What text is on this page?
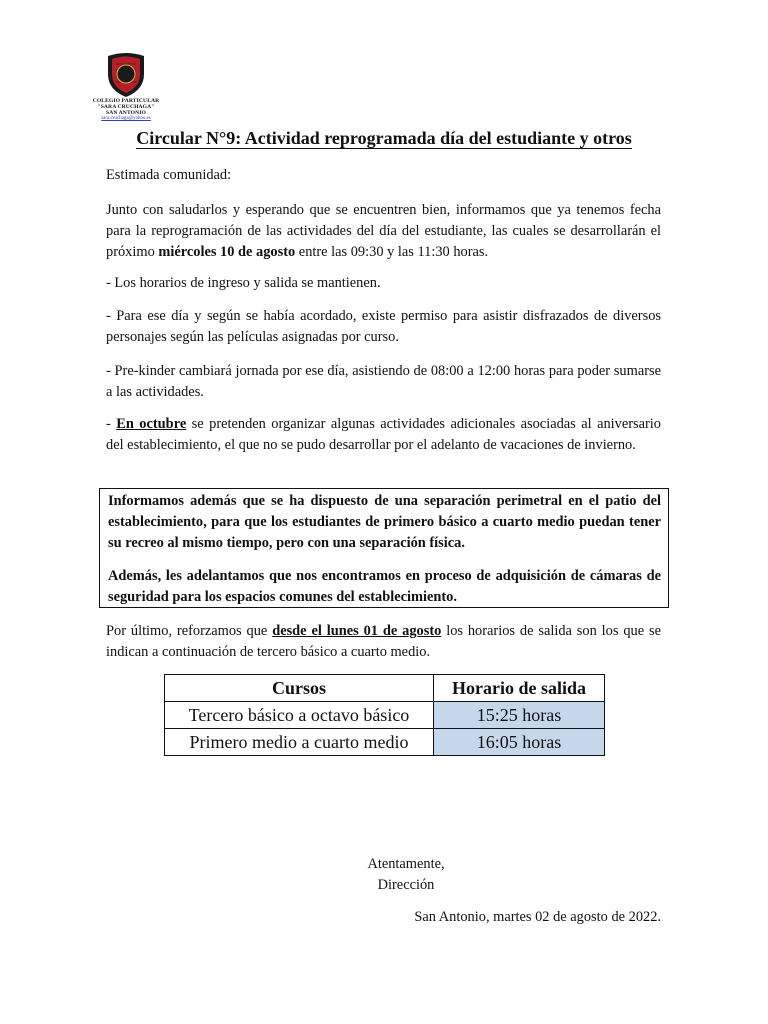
COLEGIO PARTICULAR
"SARA CRUCHAGA"
SAN ANTONIO
sara.cruchaga@yahoo.es
Circular N°9: Actividad reprogramada día del estudiante y otros
Estimada comunidad:
Junto con saludarlos y esperando que se encuentren bien, informamos que ya tenemos fecha para la reprogramación de las actividades del día del estudiante, las cuales se desarrollarán el próximo miércoles 10 de agosto entre las 09:30 y las 11:30 horas.
- Los horarios de ingreso y salida se mantienen.
- Para ese día y según se había acordado, existe permiso para asistir disfrazados de diversos personajes según las películas asignadas por curso.
- Pre-kinder cambiará jornada por ese día, asistiendo de 08:00 a 12:00 horas para poder sumarse a las actividades.
- En octubre se pretenden organizar algunas actividades adicionales asociadas al aniversario del establecimiento, el que no se pudo desarrollar por el adelanto de vacaciones de invierno.
Informamos además que se ha dispuesto de una separación perimetral en el patio del establecimiento, para que los estudiantes de primero básico a cuarto medio puedan tener su recreo al mismo tiempo, pero con una separación física.
Además, les adelantamos que nos encontramos en proceso de adquisición de cámaras de seguridad para los espacios comunes del establecimiento.
Por último, reforzamos que desde el lunes 01 de agosto los horarios de salida son los que se indican a continuación de tercero básico a cuarto medio.
Cursos	Horario de salida
Tercero básico a octavo básico	15:25 horas
Primero medio a cuarto medio	16:05 horas
Atentamente,
Dirección
San Antonio, martes 02 de agosto de 2022.
